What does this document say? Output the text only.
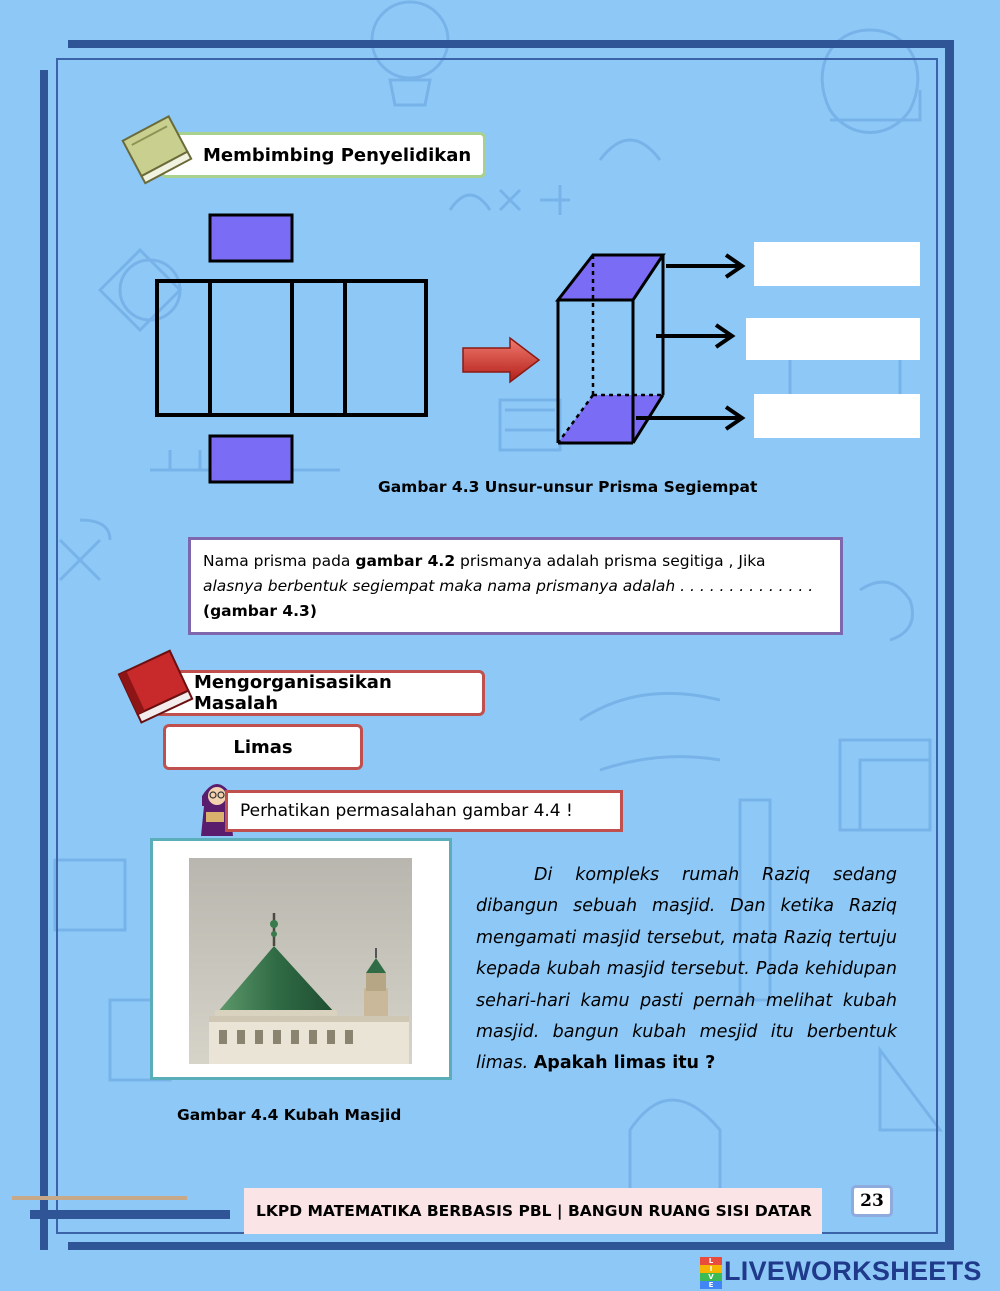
Membimbing Penyelidikan
Gambar 4.3 Unsur-unsur Prisma Segiempat
Nama prisma pada gambar 4.2 prismanya adalah prisma segitiga , Jika
alasnya berbentuk segiempat maka nama prismanya adalah . . . . . . . . . . . . . .
(gambar 4.3)
Mengorganisasikan Masalah
Limas
Perhatikan permasalahan gambar 4.4 !
Gambar 4.4 Kubah Masjid
Di kompleks rumah Raziq sedang dibangun sebuah masjid. Dan ketika Raziq mengamati masjid tersebut, mata Raziq tertuju kepada kubah masjid tersebut. Pada kehidupan sehari-hari kamu pasti pernah melihat kubah masjid. bangun kubah mesjid itu berbentuk limas. Apakah limas itu ?
LKPD MATEMATIKA BERBASIS PBL | BANGUN RUANG SISI DATAR	23
L
I
V
E LIVEWORKSHEETS
